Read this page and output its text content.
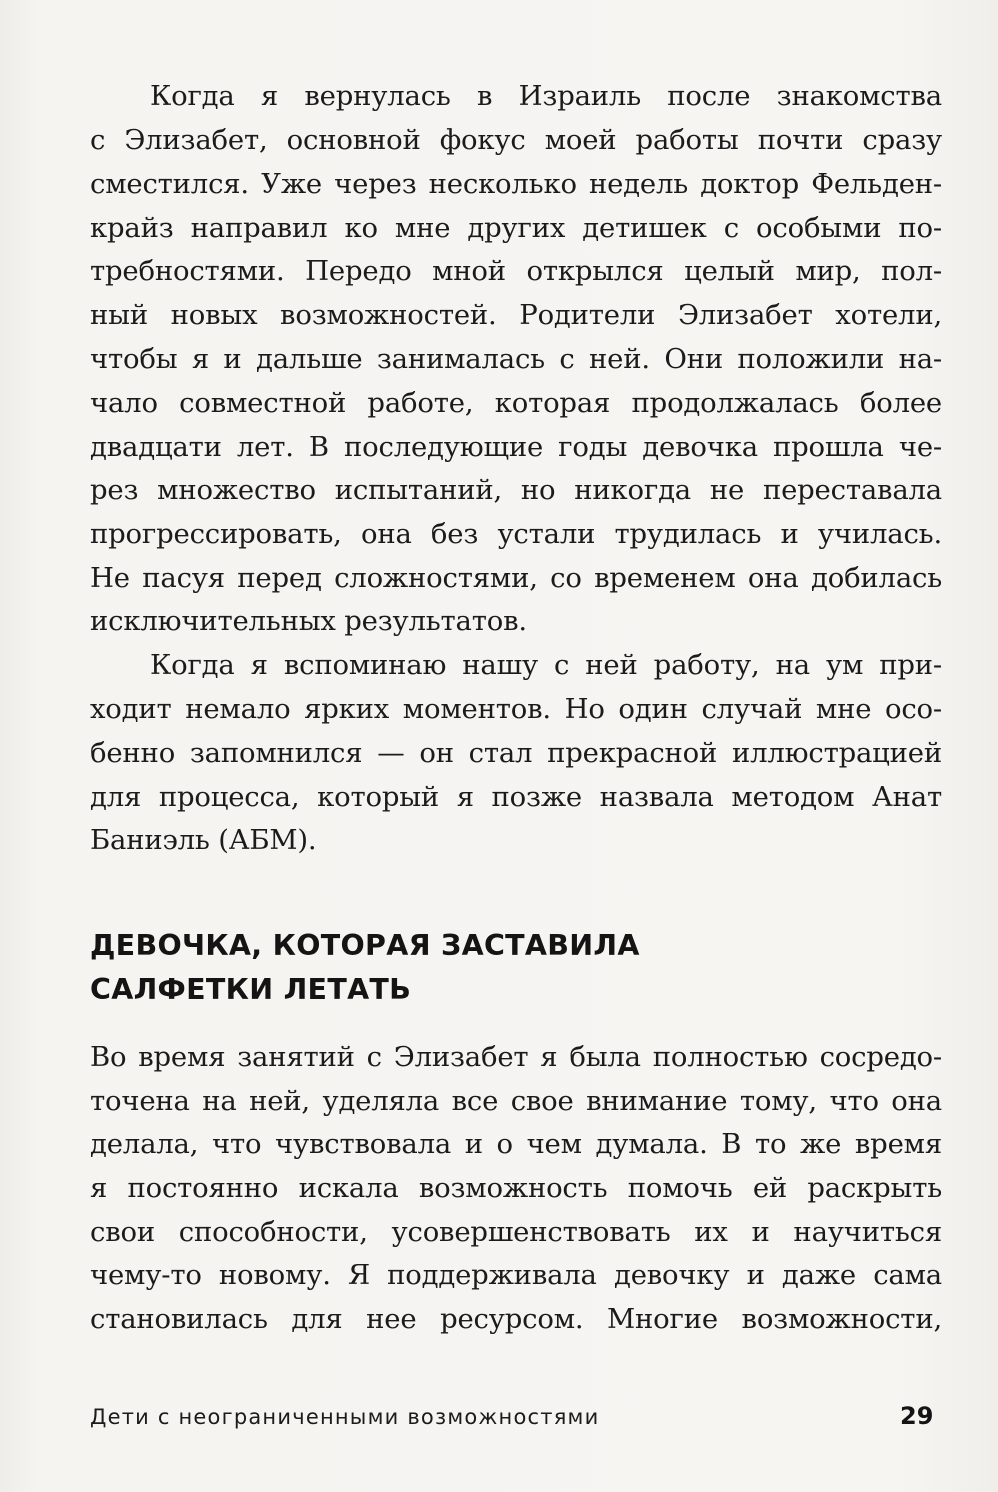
Когда я вернулась в Израиль после знакомства
с Элизабет, основной фокус моей работы почти сразу
сместился. Уже через несколько недель доктор Фельден-
крайз направил ко мне других детишек с особыми по-
требностями. Передо мной открылся целый мир, пол-
ный новых возможностей. Родители Элизабет хотели,
чтобы я и дальше занималась с ней. Они положили на-
чало совместной работе, которая продолжалась более
двадцати лет. В последующие годы девочка прошла че-
рез множество испытаний, но никогда не переставала
прогрессировать, она без устали трудилась и училась.
Не пасуя перед сложностями, со временем она добилась
исключительных результатов.
Когда я вспоминаю нашу с ней работу, на ум при-
ходит немало ярких моментов. Но один случай мне осо-
бенно запомнился — он стал прекрасной иллюстрацией
для процесса, который я позже назвала методом Анат
Баниэль (АБМ).
ДЕВОЧКА, КОТОРАЯ ЗАСТАВИЛА
САЛФЕТКИ ЛЕТАТЬ
Во время занятий с Элизабет я была полностью сосредо-
точена на ней, уделяла все свое внимание тому, что она
делала, что чувствовала и о чем думала. В то же время
я постоянно искала возможность помочь ей раскрыть
свои способности, усовершенствовать их и научиться
чему-то новому. Я поддерживала девочку и даже сама
становилась для нее ресурсом. Многие возможности,
Дети с неограниченными возможностями	29
